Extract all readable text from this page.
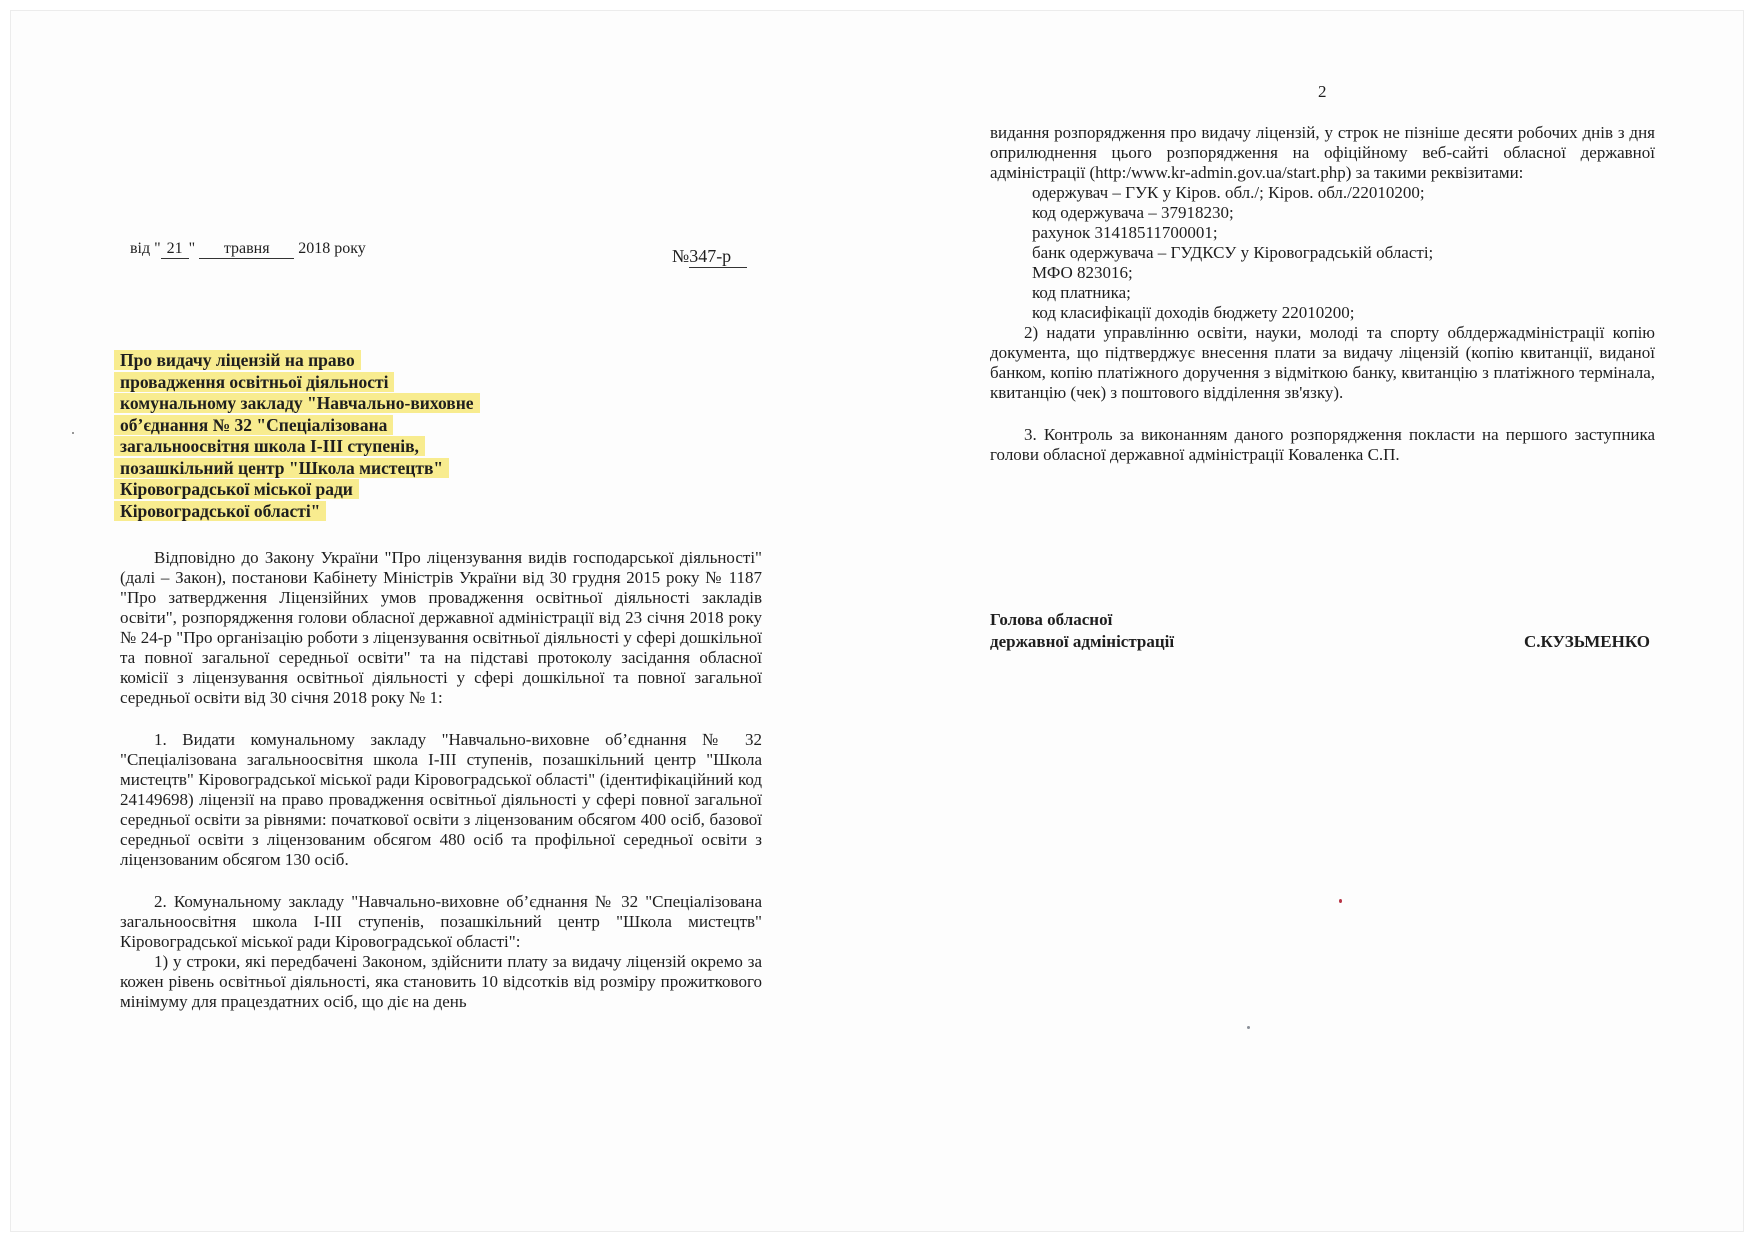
від " 21 " травня 2018 року	№347-р
Про видачу ліцензій на право
провадження освітньої діяльності
комунальному закладу "Навчально-виховне
об’єднання № 32 "Спеціалізована
загальноосвітня школа І-ІІІ ступенів,
позашкільний центр "Школа мистецтв"
Кіровоградської міської ради
Кіровоградської області"

Відповідно до Закону України "Про ліцензування видів господарської діяльності" (далі – Закон), постанови Кабінету Міністрів України від 30 грудня 2015 року № 1187 "Про затвердження Ліцензійних умов провадження освітньої діяльності закладів освіти", розпорядження голови обласної державної адміністрації від 23 січня 2018 року № 24-р "Про організацію роботи з ліцензування освітньої діяльності у сфері дошкільної та повної загальної середньої освіти" та на підставі протоколу засідання обласної комісії з ліцензування освітньої діяльності у сфері дошкільної та повної загальної середньої освіти від 30 січня 2018 року № 1:

1. Видати комунальному закладу "Навчально-виховне об’єднання № 32 "Спеціалізована загальноосвітня школа І-ІІІ ступенів, позашкільний центр "Школа мистецтв" Кіровоградської міської ради Кіровоградської області" (ідентифікаційний код 24149698) ліцензії на право провадження освітньої діяльності у сфері повної загальної середньої освіти за рівнями: початкової освіти з ліцензованим обсягом 400 осіб, базової середньої освіти з ліцензованим обсягом 480 осіб та профільної середньої освіти з ліцензованим обсягом 130 осіб.

2. Комунальному закладу "Навчально-виховне об’єднання № 32 "Спеціалізована загальноосвітня школа І-ІІІ ступенів, позашкільний центр "Школа мистецтв" Кіровоградської міської ради Кіровоградської області":

1) у строки, які передбачені Законом, здійснити плату за видачу ліцензій окремо за кожен рівень освітньої діяльності, яка становить 10 відсотків від розміру прожиткового мінімуму для працездатних осіб, що діє на день

2

видання розпорядження про видачу ліцензій, у строк не пізніше десяти робочих днів з дня оприлюднення цього розпорядження на офіційному веб-сайті обласної державної адміністрації (http:/www.kr-admin.gov.ua/start.php) за такими реквізитами:

одержувач – ГУК у Кіров. обл./; Кіров. обл./22010200;
код одержувача – 37918230;
рахунок 31418511700001;
банк одержувача – ГУДКСУ у Кіровоградській області;
МФО 823016;
код платника;
код класифікації доходів бюджету 22010200;

2) надати управлінню освіти, науки, молоді та спорту облдержадміністрації копію документа, що підтверджує внесення плати за видачу ліцензій (копію квитанції, виданої банком, копію платіжного доручення з відміткою банку, квитанцію з платіжного термінала, квитанцію (чек) з поштового відділення зв'язку).

3. Контроль за виконанням даного розпорядження покласти на першого заступника голови обласної державної адміністрації Коваленка С.П.

Голова обласної
державної адміністрації	С.КУЗЬМЕНКО
